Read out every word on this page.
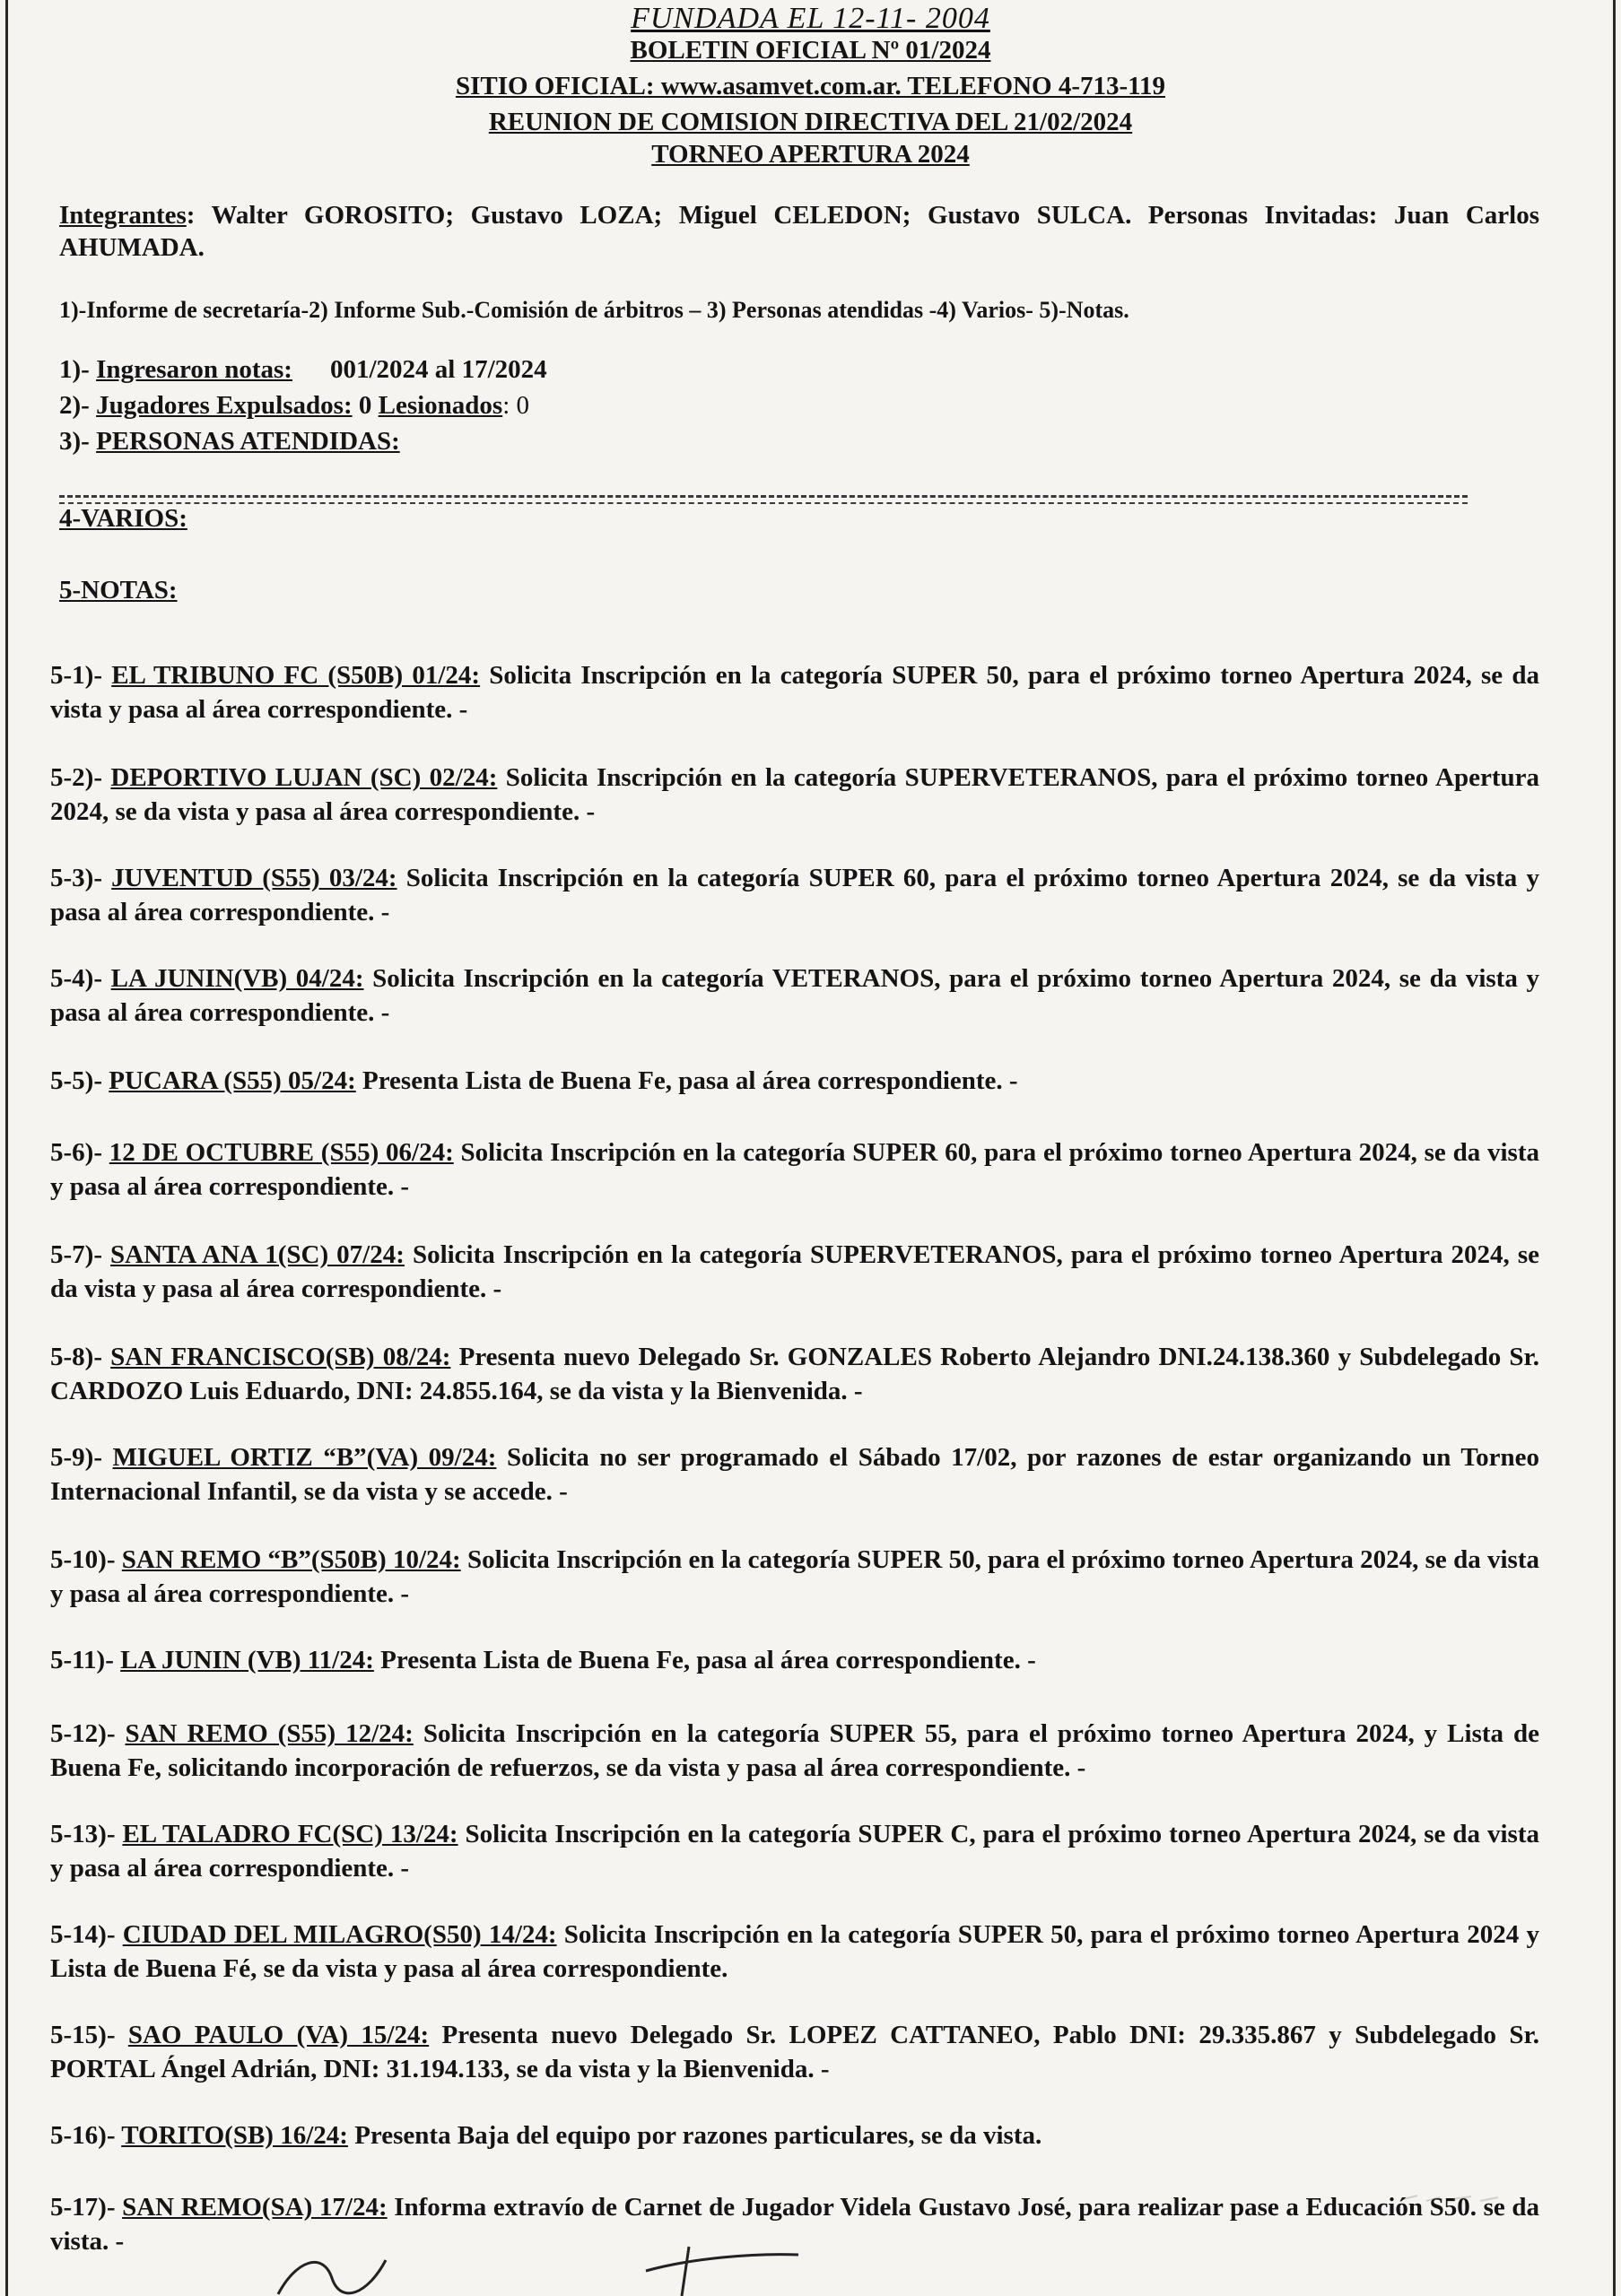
FUNDADA EL 12-11- 2004
BOLETIN OFICIAL Nº 01/2024
SITIO OFICIAL: www.asamvet.com.ar. TELEFONO 4-713-119
REUNION DE COMISION DIRECTIVA DEL 21/02/2024
TORNEO APERTURA 2024
Integrantes: Walter GOROSITO; Gustavo LOZA; Miguel CELEDON; Gustavo SULCA. Personas Invitadas: Juan Carlos AHUMADA.
1)-Informe de secretaría-2) Informe Sub.-Comisión de árbitros – 3) Personas atendidas -4) Varios- 5)-Notas.
1)- Ingresaron notas: 001/2024 al 17/2024
2)- Jugadores Expulsados: 0 Lesionados: 0
3)- PERSONAS ATENDIDAS:
4-VARIOS:
5-NOTAS:
5-1)- EL TRIBUNO FC (S50B) 01/24: Solicita Inscripción en la categoría SUPER 50, para el próximo torneo Apertura 2024, se da vista y pasa al área correspondiente. -
5-2)- DEPORTIVO LUJAN (SC) 02/24: Solicita Inscripción en la categoría SUPERVETERANOS, para el próximo torneo Apertura 2024, se da vista y pasa al área correspondiente. -
5-3)- JUVENTUD (S55) 03/24: Solicita Inscripción en la categoría SUPER 60, para el próximo torneo Apertura 2024, se da vista y pasa al área correspondiente. -
5-4)- LA JUNIN(VB) 04/24: Solicita Inscripción en la categoría VETERANOS, para el próximo torneo Apertura 2024, se da vista y pasa al área correspondiente. -
5-5)- PUCARA (S55) 05/24: Presenta Lista de Buena Fe, pasa al área correspondiente. -
5-6)- 12 DE OCTUBRE (S55) 06/24: Solicita Inscripción en la categoría SUPER 60, para el próximo torneo Apertura 2024, se da vista y pasa al área correspondiente. -
5-7)- SANTA ANA 1(SC) 07/24: Solicita Inscripción en la categoría SUPERVETERANOS, para el próximo torneo Apertura 2024, se da vista y pasa al área correspondiente. -
5-8)- SAN FRANCISCO(SB) 08/24: Presenta nuevo Delegado Sr. GONZALES Roberto Alejandro DNI.24.138.360 y Subdelegado Sr. CARDOZO Luis Eduardo, DNI: 24.855.164, se da vista y la Bienvenida. -
5-9)- MIGUEL ORTIZ “B”(VA) 09/24: Solicita no ser programado el Sábado 17/02, por razones de estar organizando un Torneo Internacional Infantil, se da vista y se accede. -
5-10)- SAN REMO “B”(S50B) 10/24: Solicita Inscripción en la categoría SUPER 50, para el próximo torneo Apertura 2024, se da vista y pasa al área correspondiente. -
5-11)- LA JUNIN (VB) 11/24: Presenta Lista de Buena Fe, pasa al área correspondiente. -
5-12)- SAN REMO (S55) 12/24: Solicita Inscripción en la categoría SUPER 55, para el próximo torneo Apertura 2024, y Lista de Buena Fe, solicitando incorporación de refuerzos, se da vista y pasa al área correspondiente. -
5-13)- EL TALADRO FC(SC) 13/24: Solicita Inscripción en la categoría SUPER C, para el próximo torneo Apertura 2024, se da vista y pasa al área correspondiente. -
5-14)- CIUDAD DEL MILAGRO(S50) 14/24: Solicita Inscripción en la categoría SUPER 50, para el próximo torneo Apertura 2024 y Lista de Buena Fé, se da vista y pasa al área correspondiente.
5-15)- SAO PAULO (VA) 15/24: Presenta nuevo Delegado Sr. LOPEZ CATTANEO, Pablo DNI: 29.335.867 y Subdelegado Sr. PORTAL Ángel Adrián, DNI: 31.194.133, se da vista y la Bienvenida. -
5-16)- TORITO(SB) 16/24: Presenta Baja del equipo por razones particulares, se da vista.
5-17)- SAN REMO(SA) 17/24: Informa extravío de Carnet de Jugador Videla Gustavo José, para realizar pase a Educación S50. se da vista. -
